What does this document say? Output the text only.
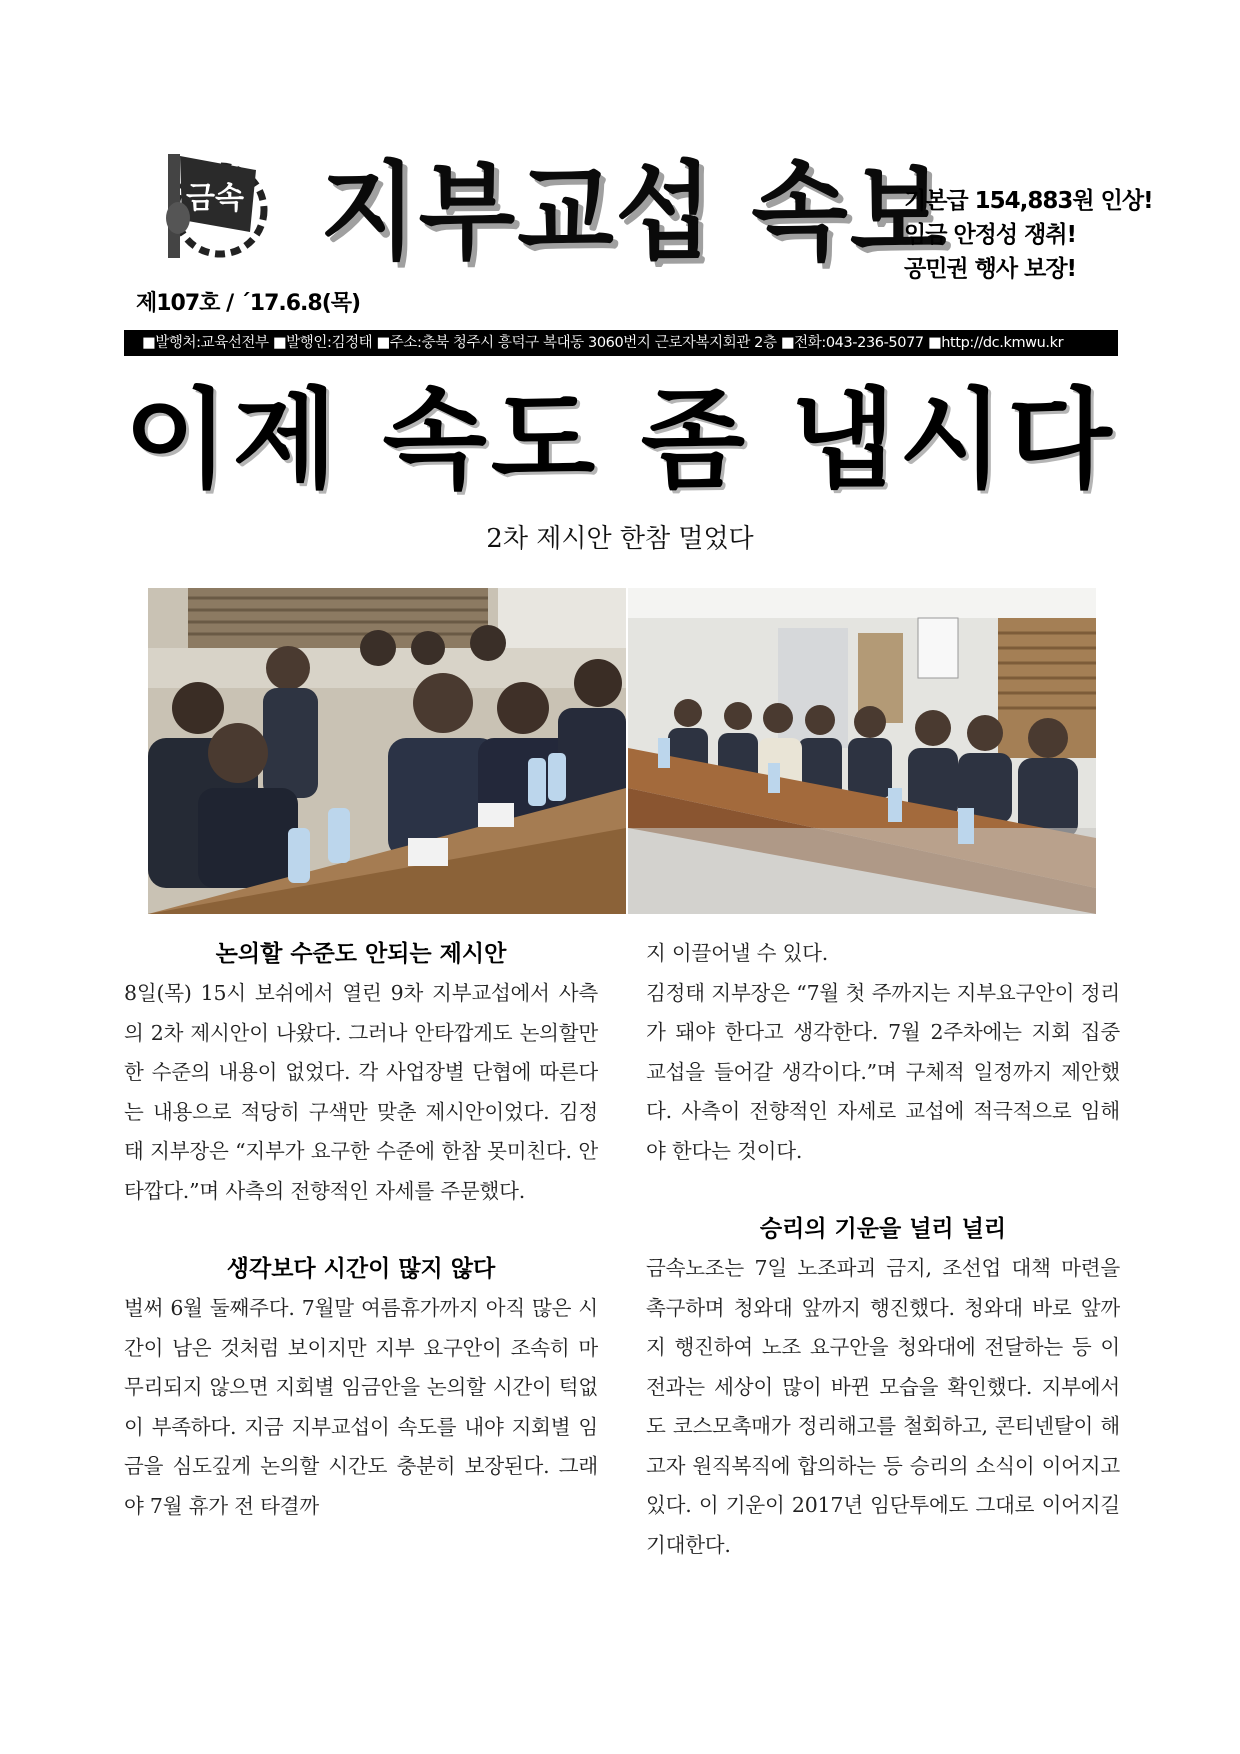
금속
제107호 / ´17.6.8(목)
지부교섭 속보
기본급 154,883원 인상!
임금 안정성 쟁취!
공민권 행사 보장!
■발행처:교육선전부 ■발행인:김정태 ■주소:충북 청주시 흥덕구 복대동 3060번지 근로자복지회관 2층 ■전화:043-236-5077 ■http://dc.kmwu.kr
이제 속도 좀 냅시다
2차 제시안 한참 멀었다
논의할 수준도 안되는 제시안
8일(목) 15시 보쉬에서 열린 9차 지부교섭에서 사측의 2차 제시안이 나왔다. 그러나 안타깝게도 논의할만한 수준의 내용이 없었다. 각 사업장별 단협에 따른다는 내용으로 적당히 구색만 맞춘 제시안이었다. 김정태 지부장은 “지부가 요구한 수준에 한참 못미친다. 안타깝다.”며 사측의 전향적인 자세를 주문했다.
생각보다 시간이 많지 않다
벌써 6월 둘째주다. 7월말 여름휴가까지 아직 많은 시간이 남은 것처럼 보이지만 지부 요구안이 조속히 마무리되지 않으면 지회별 임금안을 논의할 시간이 턱없이 부족하다. 지금 지부교섭이 속도를 내야 지회별 임금을 심도깊게 논의할 시간도 충분히 보장된다. 그래야 7월 휴가 전 타결까
지 이끌어낼 수 있다.
김정태 지부장은 “7월 첫 주까지는 지부요구안이 정리가 돼야 한다고 생각한다. 7월 2주차에는 지회 집중 교섭을 들어갈 생각이다.”며 구체적 일정까지 제안했다. 사측이 전향적인 자세로 교섭에 적극적으로 임해야 한다는 것이다.
승리의 기운을 널리 널리
금속노조는 7일 노조파괴 금지, 조선업 대책 마련을 촉구하며 청와대 앞까지 행진했다. 청와대 바로 앞까지 행진하여 노조 요구안을 청와대에 전달하는 등 이전과는 세상이 많이 바뀐 모습을 확인했다. 지부에서도 코스모촉매가 정리해고를 철회하고, 콘티넨탈이 해고자 원직복직에 합의하는 등 승리의 소식이 이어지고 있다. 이 기운이 2017년 임단투에도 그대로 이어지길 기대한다.
